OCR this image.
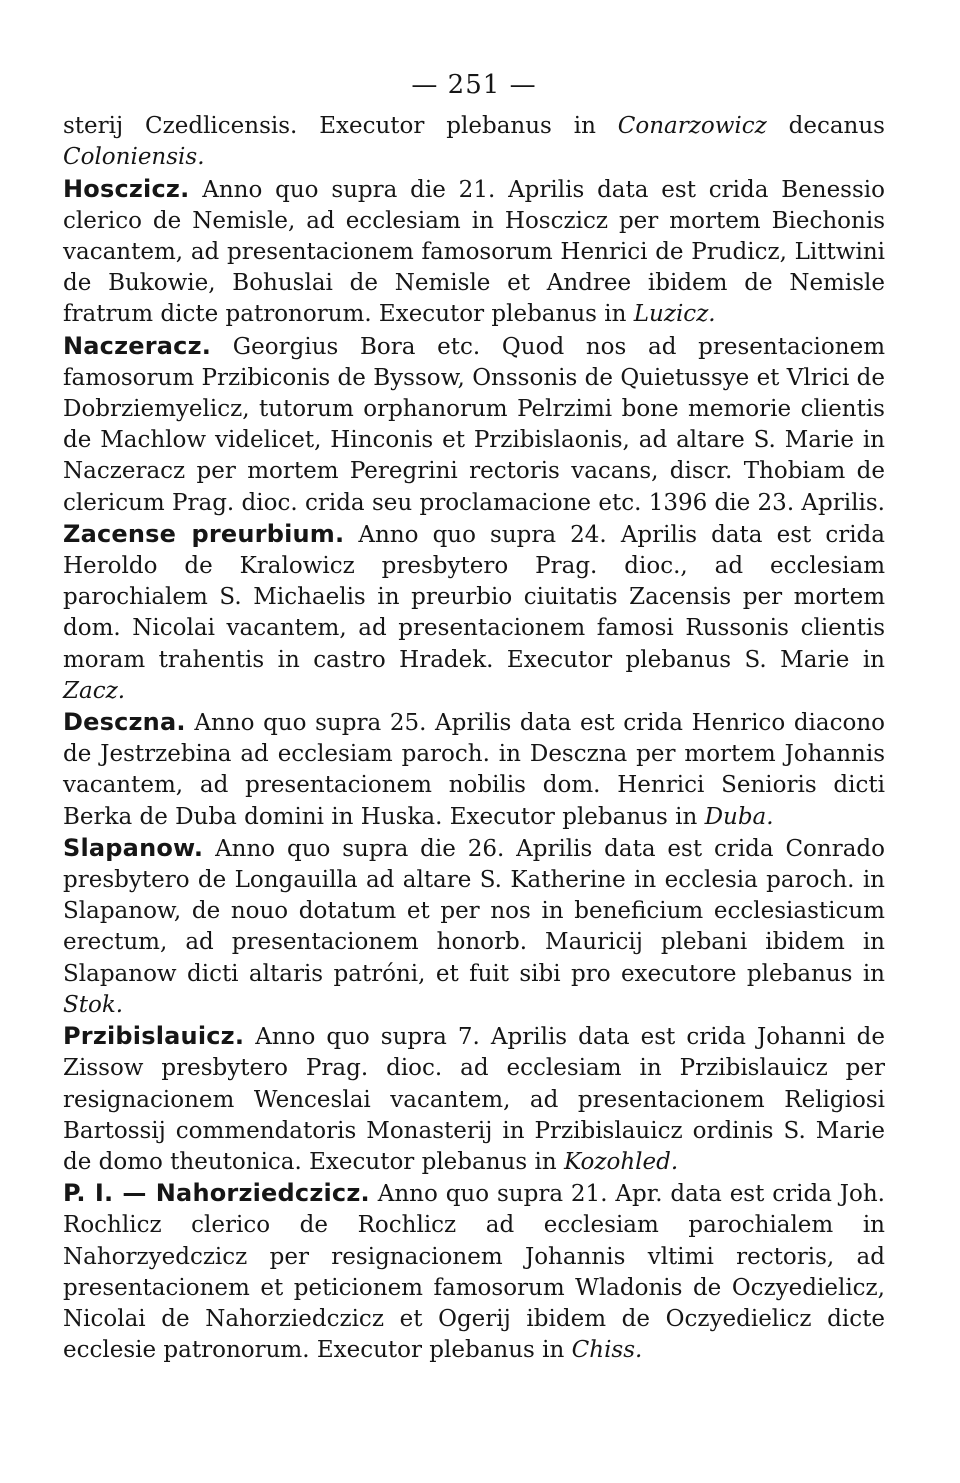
— 251 —

sterij Czedlicensis. Executor plebanus in Conarzowicz decanus Coloniensis.

Hosczicz. Anno quo supra die 21. Aprilis data est crida Benessio clerico de Nemisle, ad ecclesiam in Hosczicz per mortem Biechonis vacantem, ad presentacionem famosorum Henrici de Prudicz, Littwini de Bukowie, Bohuslai de Nemisle et Andree ibidem de Nemisle fratrum dicte patronorum. Executor plebanus in Luzicz.

Naczeracz. Georgius Bora etc. Quod nos ad presentacionem famosorum Przibiconis de Byssow, Onssonis de Quietussye et Vlrici de Dobrziemyelicz, tutorum orphanorum Pelrzimi bone memorie clientis de Machlow videlicet, Hinconis et Przibislaonis, ad altare S. Marie in Naczeracz per mortem Peregrini rectoris vacans, discr. Thobiam de clericum Prag. dioc. crida seu proclamacione etc. 1396 die 23. Aprilis.

Zacense preurbium. Anno quo supra 24. Aprilis data est crida Heroldo de Kralowicz presbytero Prag. dioc., ad ecclesiam parochialem S. Michaelis in preurbio ciuitatis Zacensis per mortem dom. Nicolai vacantem, ad presentacionem famosi Russonis clientis moram trahentis in castro Hradek. Executor plebanus S. Marie in Zacz.

Desczna. Anno quo supra 25. Aprilis data est crida Henrico diacono de Jestrzebina ad ecclesiam paroch. in Desczna per mortem Johannis vacantem, ad presentacionem nobilis dom. Henrici Senioris dicti Berka de Duba domini in Huska. Executor plebanus in Duba.

Slapanow. Anno quo supra die 26. Aprilis data est crida Conrado presbytero de Longauilla ad altare S. Katherine in ecclesia paroch. in Slapanow, de nouo dotatum et per nos in beneficium ecclesiasticum erectum, ad presentacionem honorb. Mauricij plebani ibidem in Slapanow dicti altaris patróni, et fuit sibi pro executore plebanus in Stok.

Przibislauicz. Anno quo supra 7. Aprilis data est crida Johanni de Zissow presbytero Prag. dioc. ad ecclesiam in Przibislauicz per resignacionem Wenceslai vacantem, ad presentacionem Religiosi Bartossij commendatoris Monasterij in Przibislauicz ordinis S. Marie de domo theutonica. Executor plebanus in Kozohled.

P. I. — Nahorziedczicz. Anno quo supra 21. Apr. data est crida Joh. Rochlicz clerico de Rochlicz ad ecclesiam parochialem in Nahorzyedczicz per resignacionem Johannis vltimi rectoris, ad presentacionem et peticionem famosorum Wladonis de Oczyedielicz, Nicolai de Nahorziedczicz et Ogerij ibidem de Oczyedielicz dicte ecclesie patronorum. Executor plebanus in Chiss.
